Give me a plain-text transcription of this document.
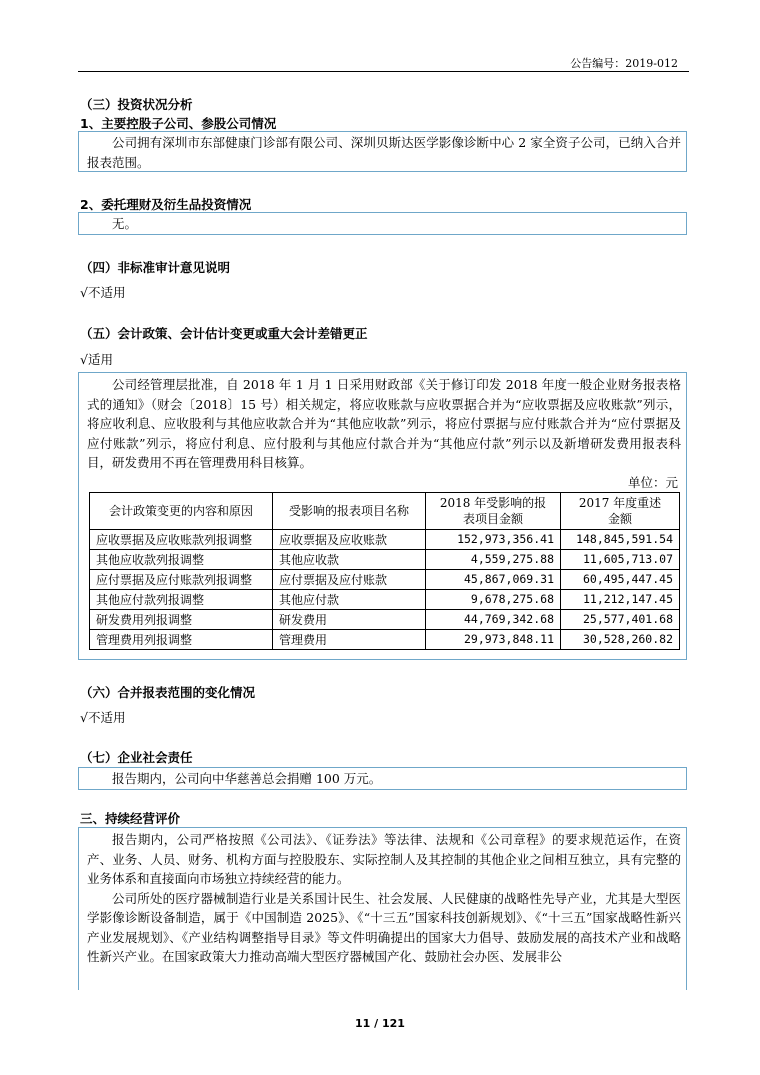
公告编号：2019-012
（三）投资状况分析
1、主要控股子公司、参股公司情况

公司拥有深圳市东部健康门诊部有限公司、深圳贝斯达医学影像诊断中心 2 家全资子公司，已纳入合并报表范围。

2、委托理财及衍生品投资情况

无。

（四）非标准审计意见说明
√不适用
（五）会计政策、会计估计变更或重大会计差错更正
√适用

公司经管理层批准，自 2018 年 1 月 1 日采用财政部《关于修订印发 2018 年度一般企业财务报表格式的通知》（财会〔2018〕15 号）相关规定，将应收账款与应收票据合并为“应收票据及应收账款”列示，将应收利息、应收股利与其他应收款合并为“其他应收款”列示，将应付票据与应付账款合并为“应付票据及应付账款”列示，将应付利息、应付股利与其他应付款合并为“其他应付款”列示以及新增研发费用报表科目，研发费用不再在管理费用科目核算。

单位：元
会计政策变更的内容和原因	受影响的报表项目名称	2018 年受影响的报表项目金额	2017 年度重述金额
应收票据及应收账款列报调整	应收票据及应收账款	152,973,356.41	148,845,591.54
其他应收款列报调整	其他应收款	4,559,275.88	11,605,713.07
应付票据及应付账款列报调整	应付票据及应付账款	45,867,069.31	60,495,447.45
其他应付款列报调整	其他应付款	9,678,275.68	11,212,147.45
研发费用列报调整	研发费用	44,769,342.68	25,577,401.68
管理费用列报调整	管理费用	29,973,848.11	30,528,260.82
（六）合并报表范围的变化情况
√不适用
（七）企业社会责任

报告期内，公司向中华慈善总会捐赠 100 万元。

三、持续经营评价

报告期内，公司严格按照《公司法》、《证券法》等法律、法规和《公司章程》的要求规范运作，在资产、业务、人员、财务、机构方面与控股股东、实际控制人及其控制的其他企业之间相互独立，具有完整的业务体系和直接面向市场独立持续经营的能力。

公司所处的医疗器械制造行业是关系国计民生、社会发展、人民健康的战略性先导产业，尤其是大型医学影像诊断设备制造，属于《中国制造 2025》、《“十三五”国家科技创新规划》、《“十三五”国家战略性新兴产业发展规划》、《产业结构调整指导目录》等文件明确提出的国家大力倡导、鼓励发展的高技术产业和战略性新兴产业。在国家政策大力推动高端大型医疗器械国产化、鼓励社会办医、发展非公

11 / 121
